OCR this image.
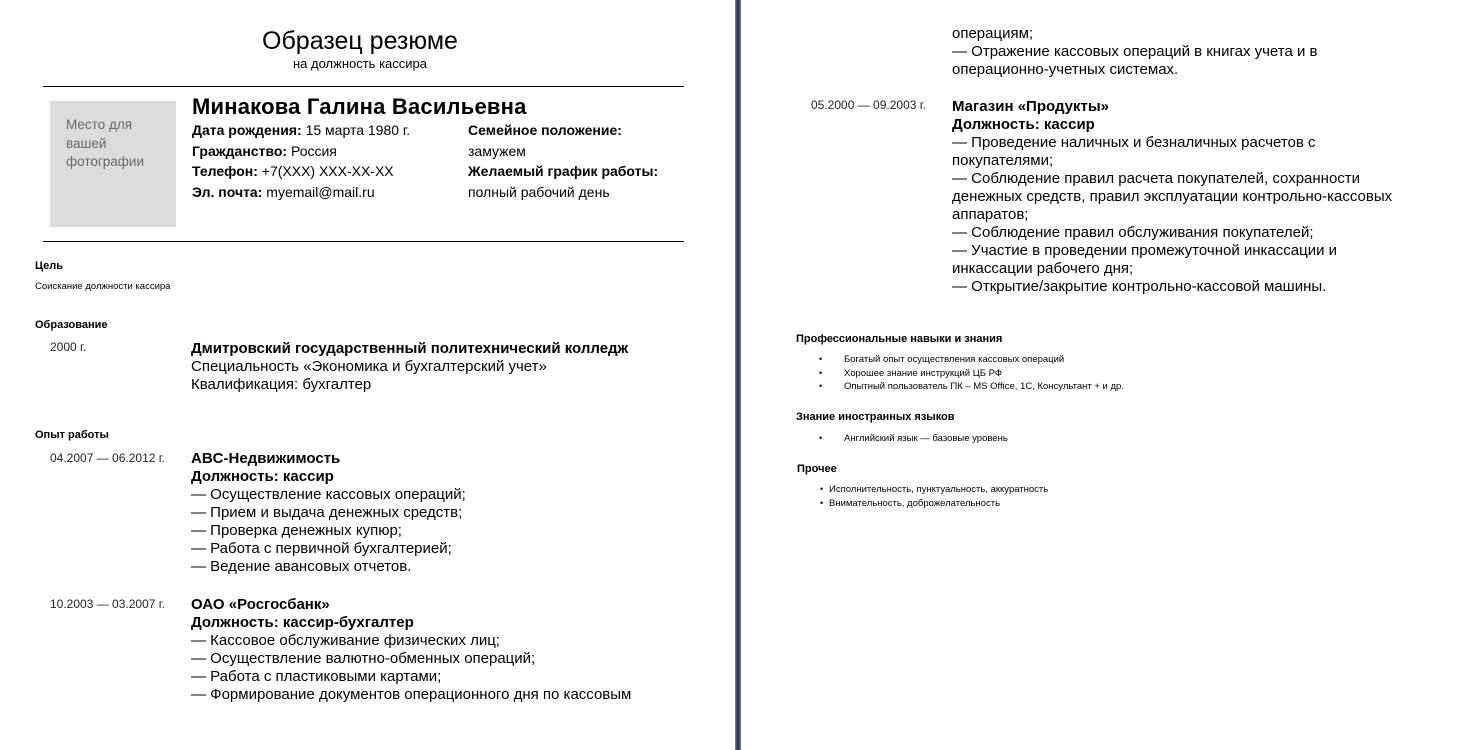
Образец резюме
на должность кассира
Место для вашей фотографии
Минакова Галина Васильевна
Дата рождения: 15 марта 1980 г.
Гражданство: Россия
Телефон: +7(XXX) XXX-XX-XX
Эл. почта: myemail@mail.ru
Семейное положение:
замужем
Желаемый график работы:
полный рабочий день
Цель
Соискание должности кассира
Образование
2000 г.	Дмитровский государственный политехнический колледж
Специальность «Экономика и бухгалтерский учет»
Квалификация: бухгалтер
Опыт работы
04.2007 — 06.2012 г. ABC-Недвижимость
Должность: кассир
— Осуществление кассовых операций;
— Прием и выдача денежных средств;
— Проверка денежных купюр;
— Работа с первичной бухгалтерией;
— Ведение авансовых отчетов.
10.2003 — 03.2007 г. ОАО «Росгосбанк»
Должность: кассир-бухгалтер
— Кассовое обслуживание физических лиц;
— Осуществление валютно-обменных операций;
— Работа с пластиковыми картами;
— Формирование документов операционного дня по кассовым
операциям;
— Отражение кассовых операций в книгах учета и в
операционно-учетных системах.
05.2000 — 09.2003 г. Магазин «Продукты»
Должность: кассир
— Проведение наличных и безналичных расчетов с
покупателями;
— Соблюдение правил расчета покупателей, сохранности
денежных средств, правил эксплуатации контрольно-кассовых
аппаратов;
— Соблюдение правил обслуживания покупателей;
— Участие в проведении промежуточной инкассации и
инкассации рабочего дня;
— Открытие/закрытие контрольно-кассовой машины.
Профессиональные навыки и знания
• Богатый опыт осуществления кассовых операций
• Хорошее знание инструкций ЦБ РФ
• Опытный пользователь ПК – MS Office, 1С, Консультант + и др.
Знание иностранных языков
• Английский язык — базовые уровень
Прочее
• Исполнительность, пунктуальность, аккуратность
• Внимательность, доброжелательность
